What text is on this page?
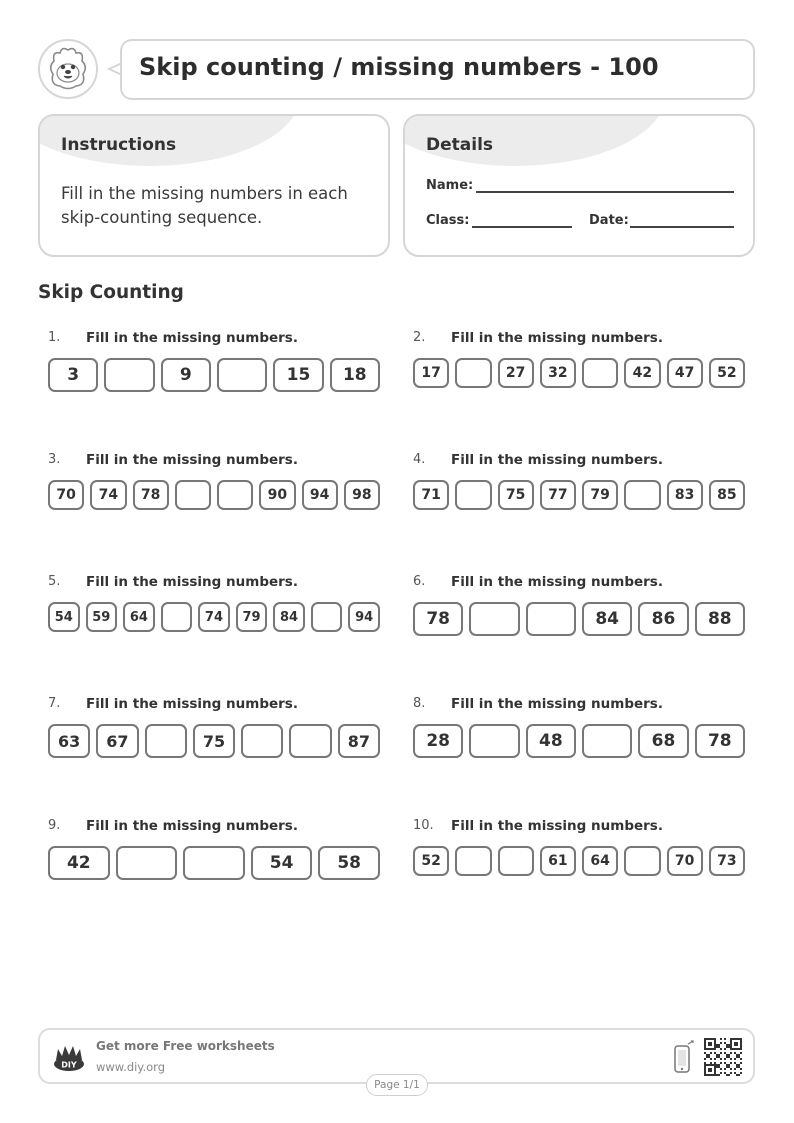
Skip counting / missing numbers - 100
Instructions
Fill in the missing numbers in each skip-counting sequence.
Details
Name:
Class:	Date:
Skip Counting
1. Fill in the missing numbers.
3	9	15	18
2. Fill in the missing numbers.
17	27	32	42	47	52
3. Fill in the missing numbers.
70	74	78	90	94	98
4. Fill in the missing numbers.
71	75	77	79	83	85
5. Fill in the missing numbers.
54	59	64	74	79	84	94
6. Fill in the missing numbers.
78	84	86	88
7. Fill in the missing numbers.
63	67	75	87
8. Fill in the missing numbers.
28	48	68	78
9. Fill in the missing numbers.
42	54	58
10. Fill in the missing numbers.
52	61	64	70	73
DIY
Get more Free worksheets
www.diy.org
Page 1/1
